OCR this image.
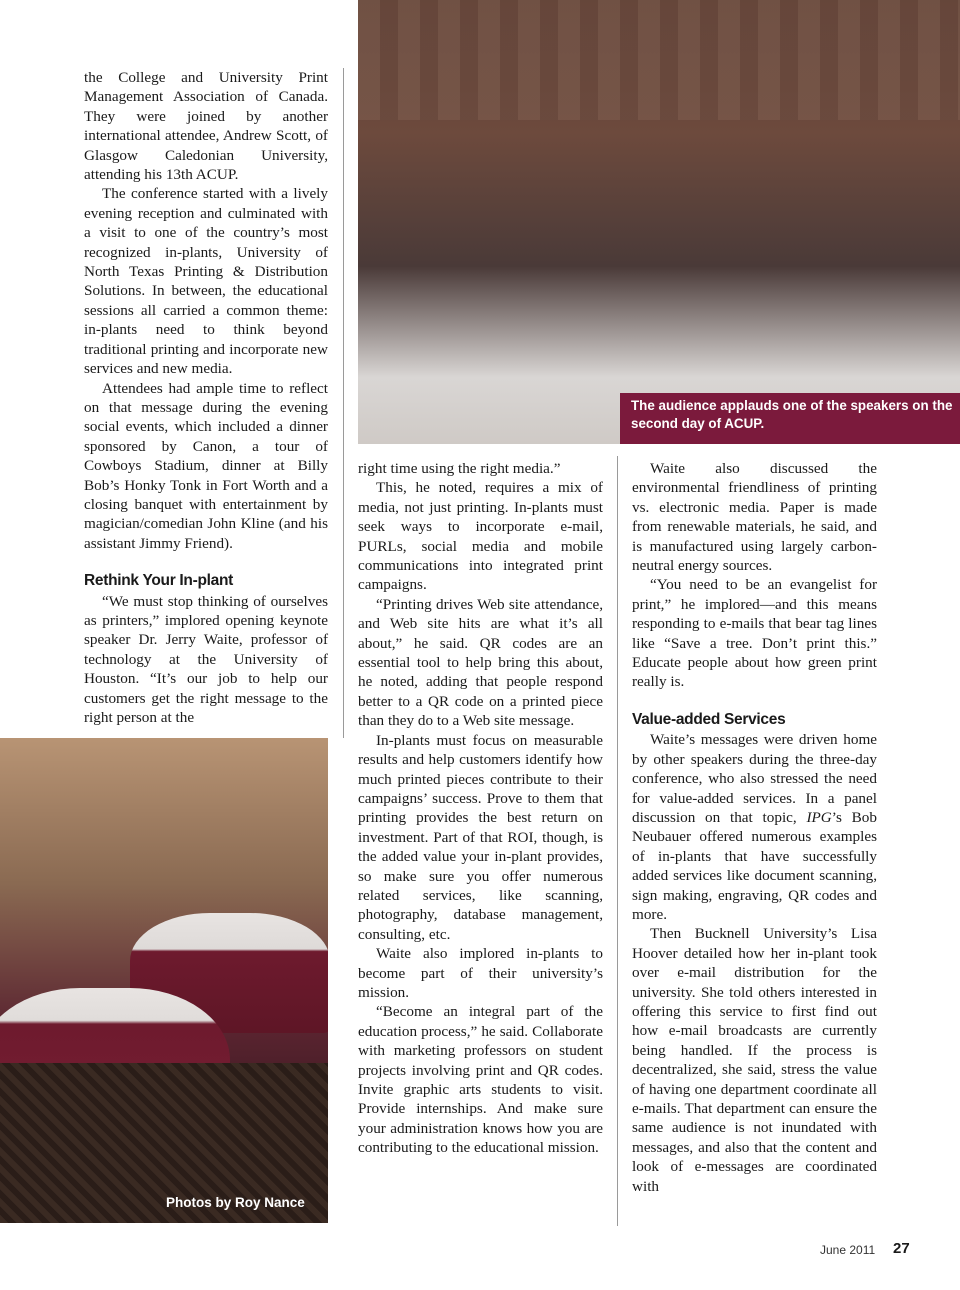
the College and University Print Management Association of Canada. They were joined by another international attendee, Andrew Scott, of Glasgow Caledonian University, attending his 13th ACUP.

The conference started with a lively evening reception and culminated with a visit to one of the country’s most recognized in-plants, University of North Texas Printing & Distribution Solutions. In between, the educational sessions all carried a common theme: in-plants need to think beyond traditional printing and incorporate new services and new media.

Attendees had ample time to reflect on that message during the evening social events, which included a dinner sponsored by Canon, a tour of Cowboys Stadium, dinner at Billy Bob’s Honky Tonk in Fort Worth and a closing banquet with entertainment by magician/comedian John Kline (and his assistant Jimmy Friend).

Rethink Your In-plant

“We must stop thinking of ourselves as printers,” implored opening keynote speaker Dr. Jerry Waite, professor of technology at the University of Houston. “It’s our job to help our customers get the right message to the right person at the

The audience applauds one of the speakers on the second day of ACUP.

right time using the right media.”

This, he noted, requires a mix of media, not just printing. In-plants must seek ways to incorporate e-mail, PURLs, social media and mobile communications into integrated print campaigns.

“Printing drives Web site attendance, and Web site hits are what it’s all about,” he said. QR codes are an essential tool to help bring this about, he noted, adding that people respond better to a QR code on a printed piece than they do to a Web site message.

In-plants must focus on measurable results and help customers identify how much printed pieces contribute to their campaigns’ success. Prove to them that printing provides the best return on investment. Part of that ROI, though, is the added value your in-plant provides, so make sure you offer numerous related services, like scanning, photography, database management, consulting, etc.

Waite also implored in-plants to become part of their university’s mission.

“Become an integral part of the education process,” he said. Collaborate with marketing professors on student projects involving print and QR codes. Invite graphic arts students to visit. Provide internships. And make sure your administration knows how you are contributing to the educational mission.

Waite also discussed the environmental friendliness of printing vs. electronic media. Paper is made from renewable materials, he said, and is manufactured using largely carbon-neutral energy sources.

“You need to be an evangelist for print,” he implored—and this means responding to e-mails that bear tag lines like “Save a tree. Don’t print this.” Educate people about how green print really is.

Value-added Services

Waite’s messages were driven home by other speakers during the three-day conference, who also stressed the need for value-added services. In a panel discussion on that topic, IPG’s Bob Neubauer offered numerous examples of in-plants that have successfully added services like document scanning, sign making, engraving, QR codes and more.

Then Bucknell University’s Lisa Hoover detailed how her in-plant took over e-mail distribution for the university. She told others interested in offering this service to first find out how e-mail broadcasts are currently being handled. If the process is decentralized, she said, stress the value of having one department coordinate all e-mails. That department can ensure the same audience is not inundated with messages, and also that the content and look of e-messages are coordinated with

Photos by Roy Nance
June 2011 27
